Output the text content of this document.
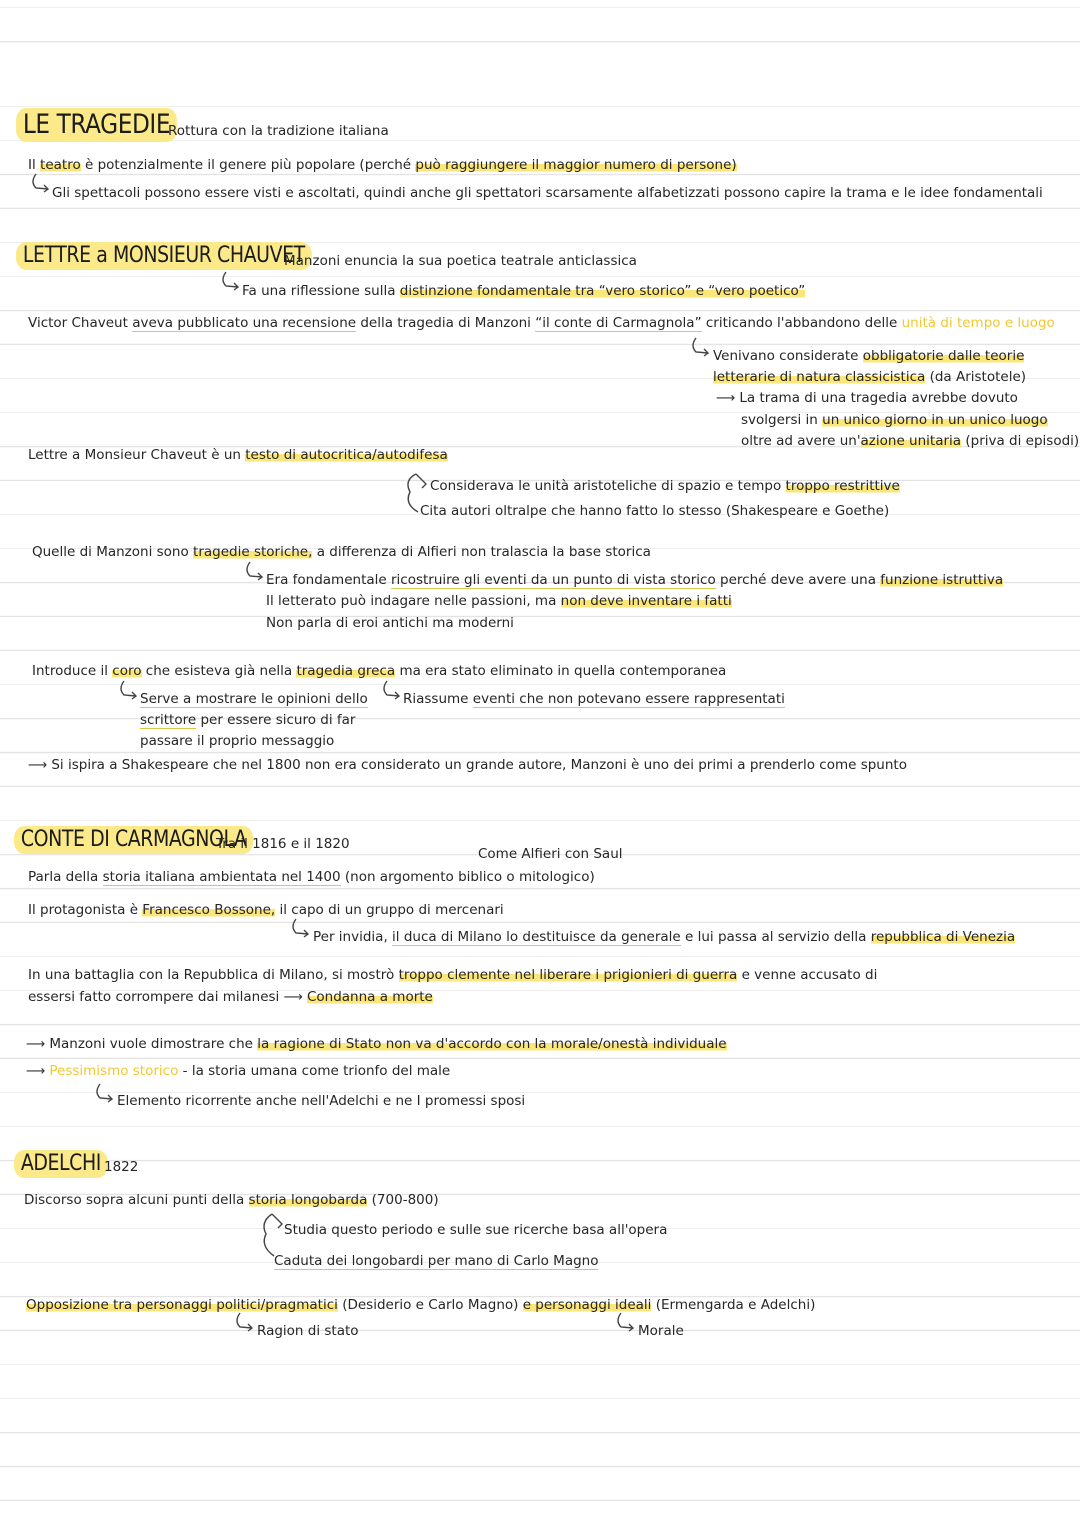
LE TRAGEDIE
Rottura con la tradizione italiana
Il teatro è potenzialmente il genere più popolare (perché può raggiungere il maggior numero di persone)
Gli spettacoli possono essere visti e ascoltati, quindi anche gli spettatori scarsamente alfabetizzati possono capire la trama e le idee fondamentali
LETTRE a MONSIEUR CHAUVET
Manzoni enuncia la sua poetica teatrale anticlassica
Fa una riflessione sulla distinzione fondamentale tra “vero storico” e “vero poetico”
Victor Chaveut aveva pubblicato una recensione della tragedia di Manzoni “il conte di Carmagnola” criticando l'abbandono delle unità di tempo e luogo
Venivano considerate obbligatorie dalle teorie
letterarie di natura classicistica (da Aristotele)
⟶ La trama di una tragedia avrebbe dovuto
svolgersi in un unico giorno in un unico luogo
oltre ad avere un'azione unitaria (priva di episodi)
Lettre a Monsieur Chaveut è un testo di autocritica/autodifesa
Considerava le unità aristoteliche di spazio e tempo troppo restrittive
Cita autori oltralpe che hanno fatto lo stesso (Shakespeare e Goethe)
Quelle di Manzoni sono tragedie storiche, a differenza di Alfieri non tralascia la base storica
Era fondamentale ricostruire gli eventi da un punto di vista storico perché deve avere una funzione istruttiva
Il letterato può indagare nelle passioni, ma non deve inventare i fatti
Non parla di eroi antichi ma moderni
Introduce il coro che esisteva già nella tragedia greca ma era stato eliminato in quella contemporanea
Serve a mostrare le opinioni dello
scrittore per essere sicuro di far
passare il proprio messaggio
Riassume eventi che non potevano essere rappresentati
⟶ Si ispira a Shakespeare che nel 1800 non era considerato un grande autore, Manzoni è uno dei primi a prenderlo come spunto
CONTE DI CARMAGNOLA
Tra il 1816 e il 1820
Come Alfieri con Saul
Parla della storia italiana ambientata nel 1400 (non argomento biblico o mitologico)
Il protagonista è Francesco Bossone, il capo di un gruppo di mercenari
Per invidia, il duca di Milano lo destituisce da generale e lui passa al servizio della repubblica di Venezia
In una battaglia con la Repubblica di Milano, si mostrò troppo clemente nel liberare i prigionieri di guerra e venne accusato di
essersi fatto corrompere dai milanesi ⟶ Condanna a morte
⟶ Manzoni vuole dimostrare che la ragione di Stato non va d'accordo con la morale/onestà individuale
⟶ Pessimismo storico - la storia umana come trionfo del male
Elemento ricorrente anche nell'Adelchi e ne I promessi sposi
ADELCHI 1822
Discorso sopra alcuni punti della storia longobarda (700-800)
Studia questo periodo e sulle sue ricerche basa all'opera
Caduta dei longobardi per mano di Carlo Magno
Opposizione tra personaggi politici/pragmatici (Desiderio e Carlo Magno) e personaggi ideali (Ermengarda e Adelchi)
Ragion di stato	Morale
